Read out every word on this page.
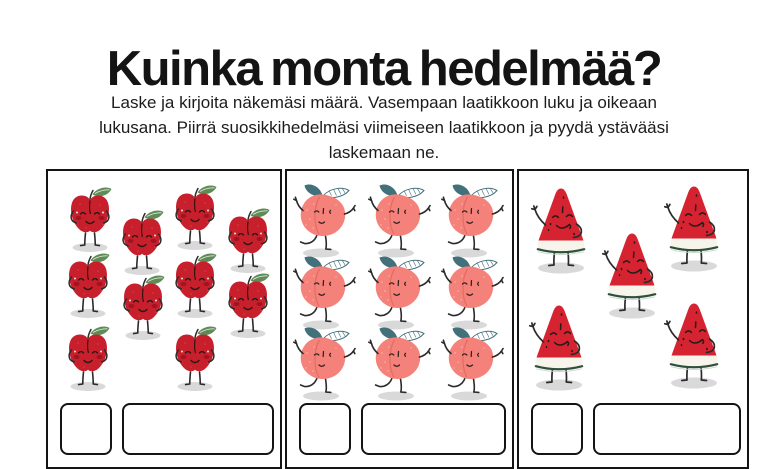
Kuinka monta hedelmää?
Laske ja kirjoita näkemäsi määrä. Vasempaan laatikkoon luku ja oikeaan
lukusana. Piirrä suosikkihedelmäsi viimeiseen laatikkoon ja pyydä ystävääsi
laskemaan ne.
